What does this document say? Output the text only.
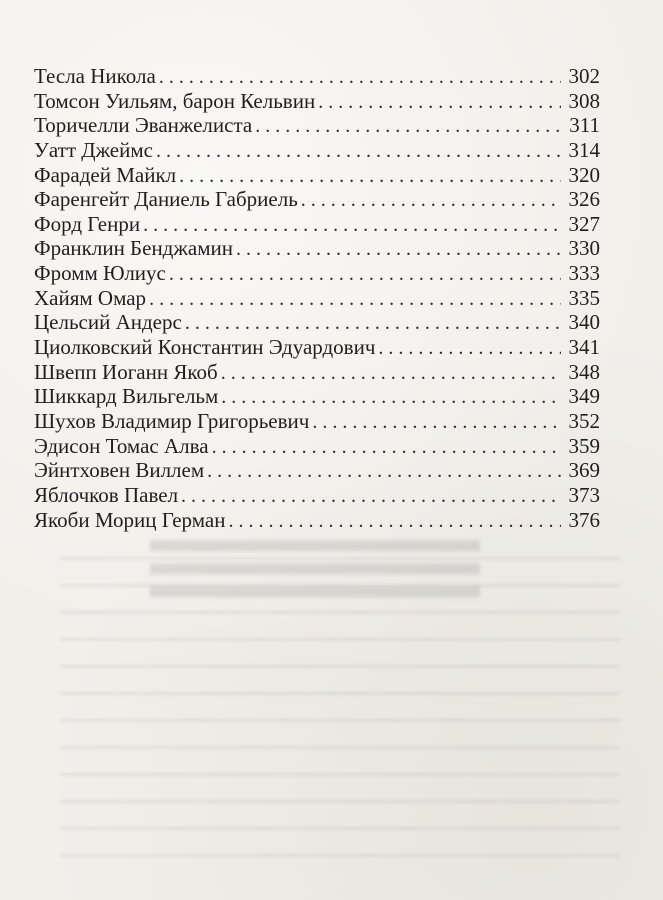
Тесла Никола . . .	302
Томсон Уильям, барон Кельвин . . .	308
Торичелли Эванжелиста . . .	311
Уатт Джеймс . . .	314
Фарадей Майкл . . .	320
Фаренгейт Даниель Габриель . . .	326
Форд Генри . . .	327
Франклин Бенджамин . . .	330
Фромм Юлиус . . .	333
Хайям Омар . . .	335
Цельсий Андерс . . .	340
Циолковский Константин Эдуардович . . .	341
Швепп Иоганн Якоб . . .	348
Шиккард Вильгельм . . .	349
Шухов Владимир Григорьевич . . .	352
Эдисон Томас Алва . . .	359
Эйнтховен Виллем . . .	369
Яблочков Павел . . .	373
Якоби Мориц Герман . . .	376
